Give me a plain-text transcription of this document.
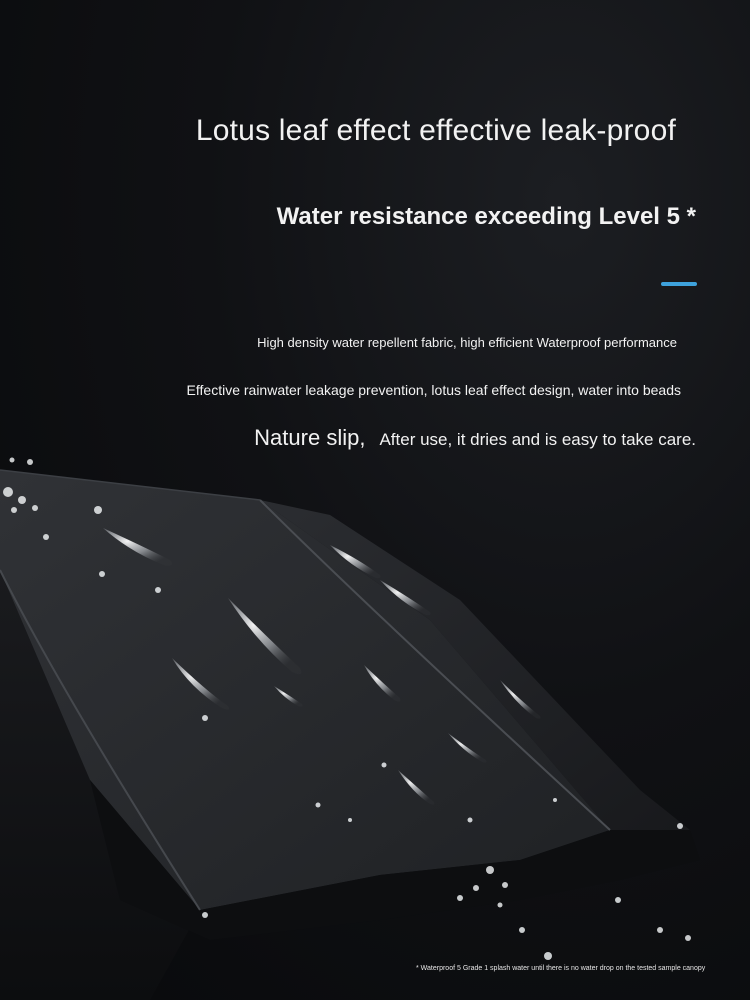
Lotus leaf effect effective leak-proof
Water resistance exceeding Level 5 *
High density water repellent fabric, high efficient Waterproof performance
Effective rainwater leakage prevention, lotus leaf effect design, water into beads
Nature slip, After use, it dries and is easy to take care.
* Waterproof 5 Grade 1 splash water until there is no water drop on the tested sample canopy
